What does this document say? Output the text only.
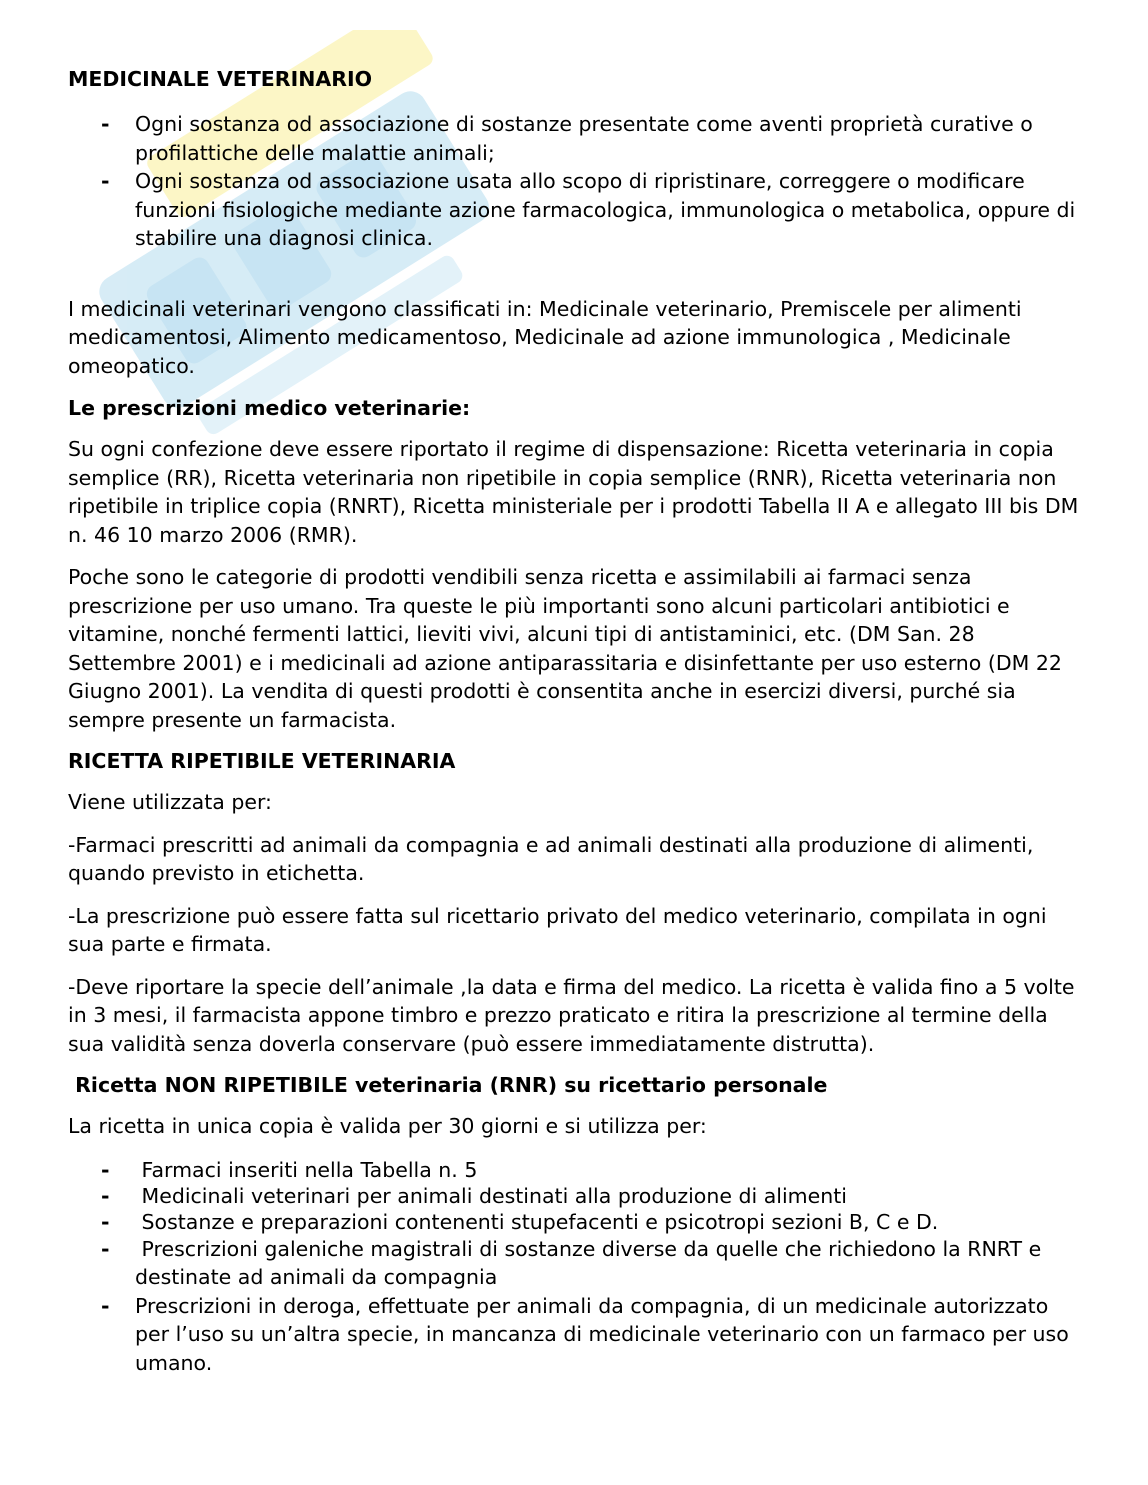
MEDICINALE VETERINARIO
- Ogni sostanza od associazione di sostanze presentate come aventi proprietà curative o profilattiche delle malattie animali;
- Ogni sostanza od associazione usata allo scopo di ripristinare, correggere o modificare funzioni fisiologiche mediante azione farmacologica, immunologica o metabolica, oppure di stabilire una diagnosi clinica.

I medicinali veterinari vengono classificati in: Medicinale veterinario, Premiscele per alimenti medicamentosi, Alimento medicamentoso, Medicinale ad azione immunologica , Medicinale omeopatico.

Le prescrizioni medico veterinarie:

Su ogni confezione deve essere riportato il regime di dispensazione: Ricetta veterinaria in copia semplice (RR), Ricetta veterinaria non ripetibile in copia semplice (RNR), Ricetta veterinaria non ripetibile in triplice copia (RNRT), Ricetta ministeriale per i prodotti Tabella II A e allegato III bis DM n. 46 10 marzo 2006 (RMR).

Poche sono le categorie di prodotti vendibili senza ricetta e assimilabili ai farmaci senza prescrizione per uso umano. Tra queste le più importanti sono alcuni particolari antibiotici e vitamine, nonché fermenti lattici, lieviti vivi, alcuni tipi di antistaminici, etc. (DM San. 28 Settembre 2001) e i medicinali ad azione antiparassitaria e disinfettante per uso esterno (DM 22 Giugno 2001). La vendita di questi prodotti è consentita anche in esercizi diversi, purché sia sempre presente un farmacista.

RICETTA RIPETIBILE VETERINARIA

Viene utilizzata per:

-Farmaci prescritti ad animali da compagnia e ad animali destinati alla produzione di alimenti, quando previsto in etichetta.

-La prescrizione può essere fatta sul ricettario privato del medico veterinario, compilata in ogni sua parte e firmata.

-Deve riportare la specie dell’animale ,la data e firma del medico. La ricetta è valida fino a 5 volte in 3 mesi, il farmacista appone timbro e prezzo praticato e ritira la prescrizione al termine della sua validità senza doverla conservare (può essere immediatamente distrutta).

Ricetta NON RIPETIBILE veterinaria (RNR) su ricettario personale

La ricetta in unica copia è valida per 30 giorni e si utilizza per:

- Farmaci inseriti nella Tabella n. 5
- Medicinali veterinari per animali destinati alla produzione di alimenti
- Sostanze e preparazioni contenenti stupefacenti e psicotropi sezioni B, C e D.
- Prescrizioni galeniche magistrali di sostanze diverse da quelle che richiedono la RNRT e destinate ad animali da compagnia
- Prescrizioni in deroga, effettuate per animali da compagnia, di un medicinale autorizzato per l’uso su un’altra specie, in mancanza di medicinale veterinario con un farmaco per uso umano.
